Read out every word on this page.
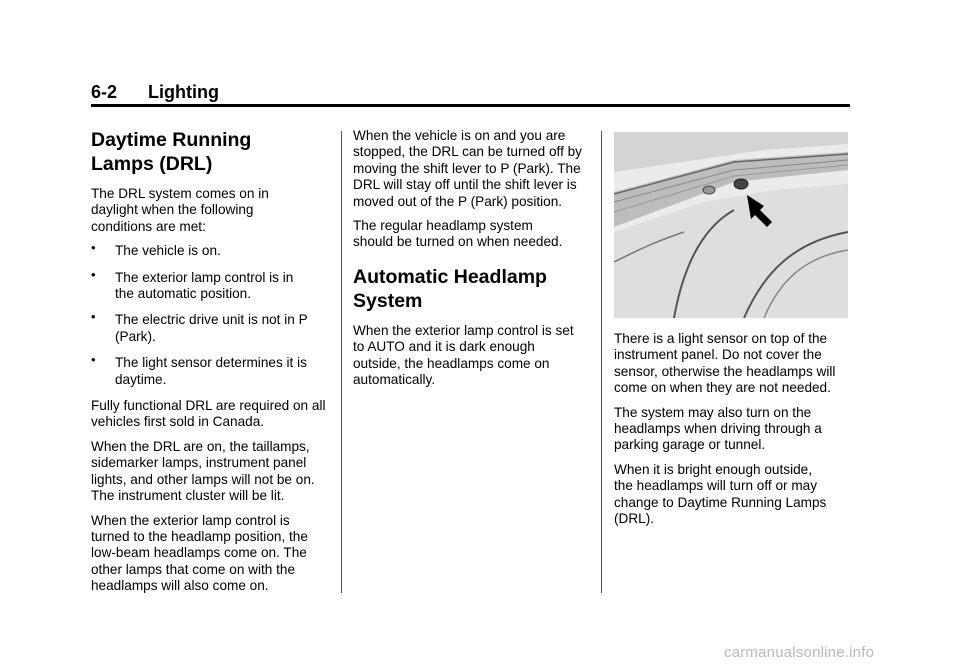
6-2 Lighting
Daytime Running Lamps (DRL)

The DRL system comes on in daylight when the following conditions are met:

• The vehicle is on.
• The exterior lamp control is in the automatic position.
• The electric drive unit is not in P (Park).
• The light sensor determines it is daytime.

Fully functional DRL are required on all vehicles first sold in Canada.

When the DRL are on, the taillamps, sidemarker lamps, instrument panel lights, and other lamps will not be on. The instrument cluster will be lit.

When the exterior lamp control is turned to the headlamp position, the low-beam headlamps come on. The other lamps that come on with the headlamps will also come on.

When the vehicle is on and you are stopped, the DRL can be turned off by moving the shift lever to P (Park). The DRL will stay off until the shift lever is moved out of the P (Park) position.

The regular headlamp system should be turned on when needed.

Automatic Headlamp System

When the exterior lamp control is set to AUTO and it is dark enough outside, the headlamps come on automatically.

There is a light sensor on top of the instrument panel. Do not cover the sensor, otherwise the headlamps will come on when they are not needed.

The system may also turn on the headlamps when driving through a parking garage or tunnel.

When it is bright enough outside, the headlamps will turn off or may change to Daytime Running Lamps (DRL).

carmanualsonline.info
